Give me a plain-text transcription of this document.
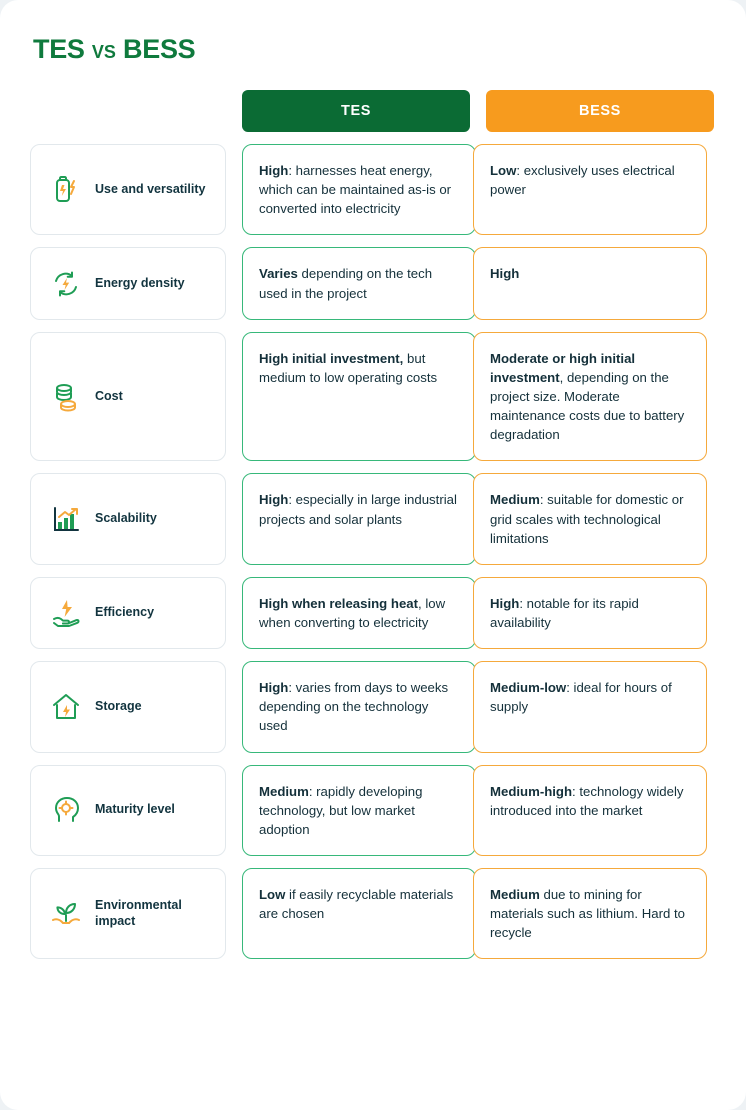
TES VS BESS
TES	BESS
Use and versatility
High: harnesses heat energy, which can be maintained as-is or converted into electricity
Low: exclusively uses electrical power
Energy density
Varies depending on the tech used in the project
High
Cost
High initial investment, but medium to low operating costs
Moderate or high initial investment, depending on the project size. Moderate maintenance costs due to battery degradation
Scalability
High: especially in large industrial projects and solar plants
Medium: suitable for domestic or grid scales with technological limitations
Efficiency
High when releasing heat, low when converting to electricity
High: notable for its rapid availability
Storage
High: varies from days to weeks depending on the technology used
Medium-low: ideal for hours of supply
Maturity level
Medium: rapidly developing technology, but low market adoption
Medium-high: technology widely introduced into the market
Environmental impact
Low if easily recyclable materials are chosen
Medium due to mining for materials such as lithium. Hard to recycle
